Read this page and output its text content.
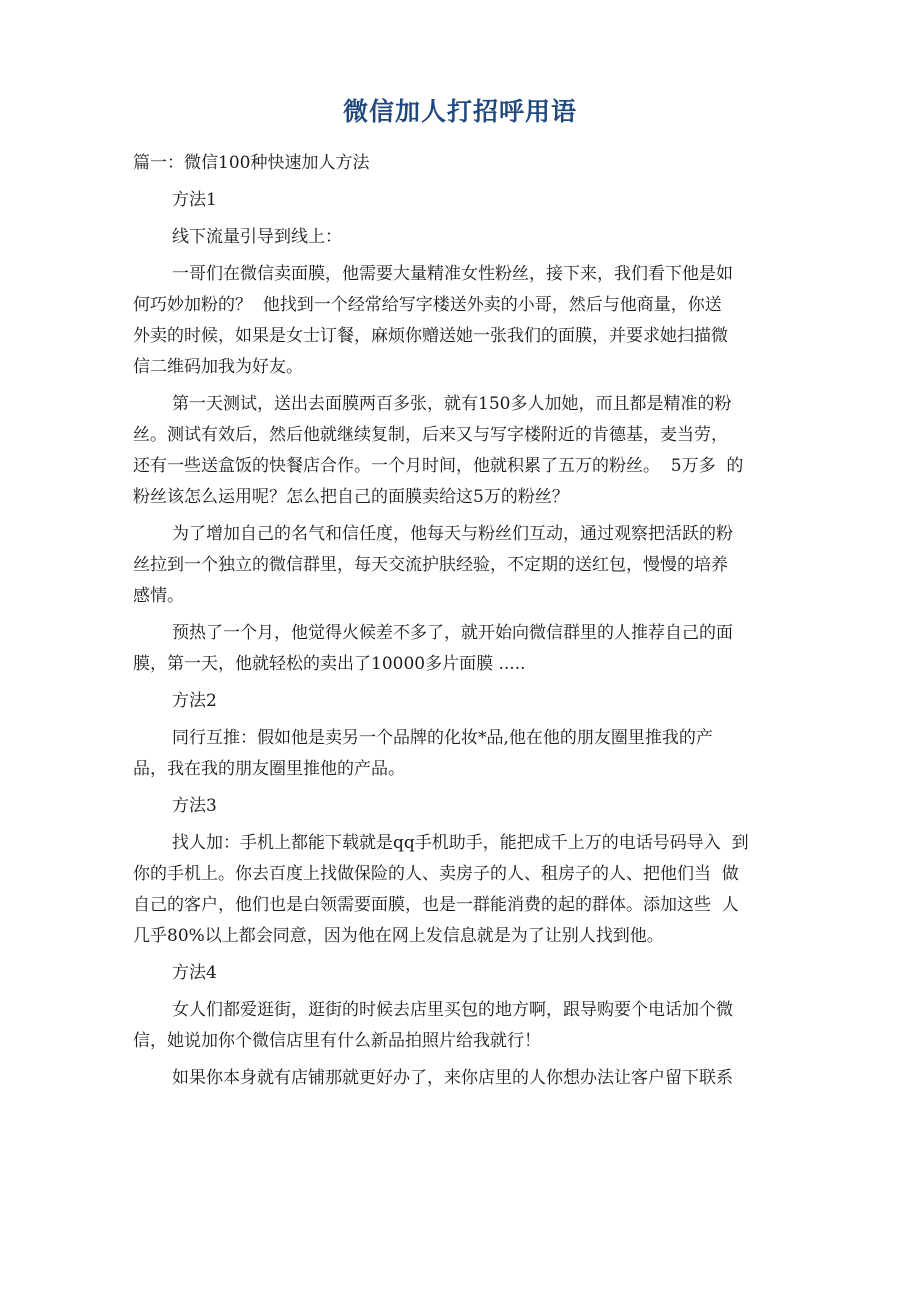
微信加人打招呼用语
篇一：微信100种快速加人方法
方法1
线下流量引导到线上：
一哥们在微信卖面膜，他需要大量精准女性粉丝，接下来，我们看下他是如
何巧妙加粉的？  他找到一个经常给写字楼送外卖的小哥，然后与他商量，你送
外卖的时候，如果是女士订餐，麻烦你赠送她一张我们的面膜，并要求她扫描微
信二维码加我为好友。
第一天测试，送出去面膜两百多张，就有150多人加她，而且都是精准的粉
丝。测试有效后，然后他就继续复制，后来又与写字楼附近的肯德基，麦当劳，
还有一些送盒饭的快餐店合作。一个月时间，他就积累了五万的粉丝。  5万多  的
粉丝该怎么运用呢？怎么把自己的面膜卖给这5万的粉丝？
为了增加自己的名气和信任度，他每天与粉丝们互动，通过观察把活跃的粉
丝拉到一个独立的微信群里，每天交流护肤经验，不定期的送红包，慢慢的培养
感情。
预热了一个月，他觉得火候差不多了，就开始向微信群里的人推荐自己的面
膜，第一天，他就轻松的卖出了10000多片面膜 .....
方法2
同行互推：假如他是卖另一个品牌的化妆*品,他在他的朋友圈里推我的产
品，我在我的朋友圈里推他的产品。
方法3
找人加：手机上都能下载就是qq手机助手，能把成千上万的电话号码导入  到
你的手机上。你去百度上找做保险的人、卖房子的人、租房子的人、把他们当  做
自己的客户，他们也是白领需要面膜，也是一群能消费的起的群体。添加这些  人
几乎80%以上都会同意，因为他在网上发信息就是为了让别人找到他。
方法4
女人们都爱逛街，逛街的时候去店里买包的地方啊，跟导购要个电话加个微
信，她说加你个微信店里有什么新品拍照片给我就行！
如果你本身就有店铺那就更好办了，来你店里的人你想办法让客户留下联系
